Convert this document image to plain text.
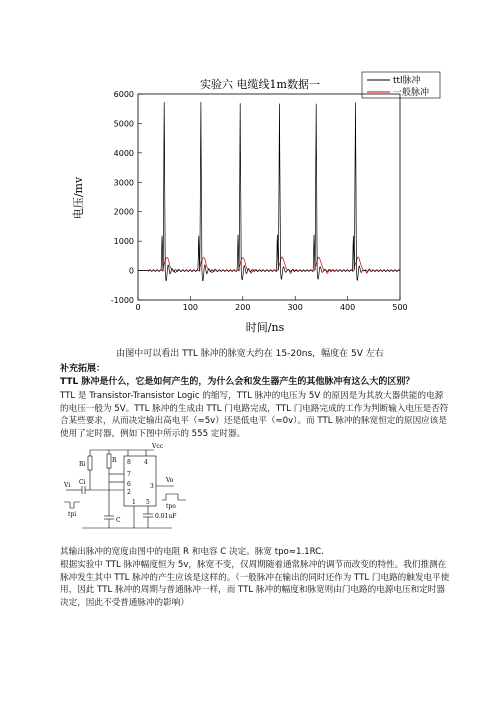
实验六 电缆线1m数据一	ttl脉冲
一般脉冲
-1000
0
1000
2000
3000
4000
5000
6000
0	100	200	300	400	500
时间/ns
电压/mv
由图中可以看出 TTL 脉冲的脉宽大约在 15-20ns，幅度在 5V 左右
补充拓展：
TTL 脉冲是什么，它是如何产生的，为什么会和发生器产生的其他脉冲有这么大的区别？
TTL 是 Transistor-Transistor Logic 的缩写，TTL 脉冲的电压为 5V 的原因是为其放大器供能的电源的电压一般为 5V。TTL 脉冲的生成由 TTL 门电路完成，TTL 门电路完成的工作为判断输入电压是否符合某些要求，从而决定输出高电平（≈5v）还是低电平（≈0v）。而 TTL 脉冲的脉宽恒定的原因应该是使用了定时器，例如下图中所示的 555 定时器。
Vcc
Ri
R 8 4
7
6
2
3
1 5
C
0.01uF
Ci
Vi
tpi
Vo
tpo
其输出脉冲的宽度由图中的电阻 R 和电容 C 决定。脉宽 tpo≈1.1RC.
根据实验中 TTL 脉冲幅度恒为 5v，脉宽不变，仅周期随着通常脉冲的调节而改变的特性。我们推测在脉冲发生其中 TTL 脉冲的产生应该是这样的。（一般脉冲在输出的同时还作为 TTL 门电路的触发电平使用，因此 TTL 脉冲的周期与普通脉冲一样，而 TTL 脉冲的幅度和脉宽则由门电路的电源电压和定时器决定，因此不受普通脉冲的影响）
